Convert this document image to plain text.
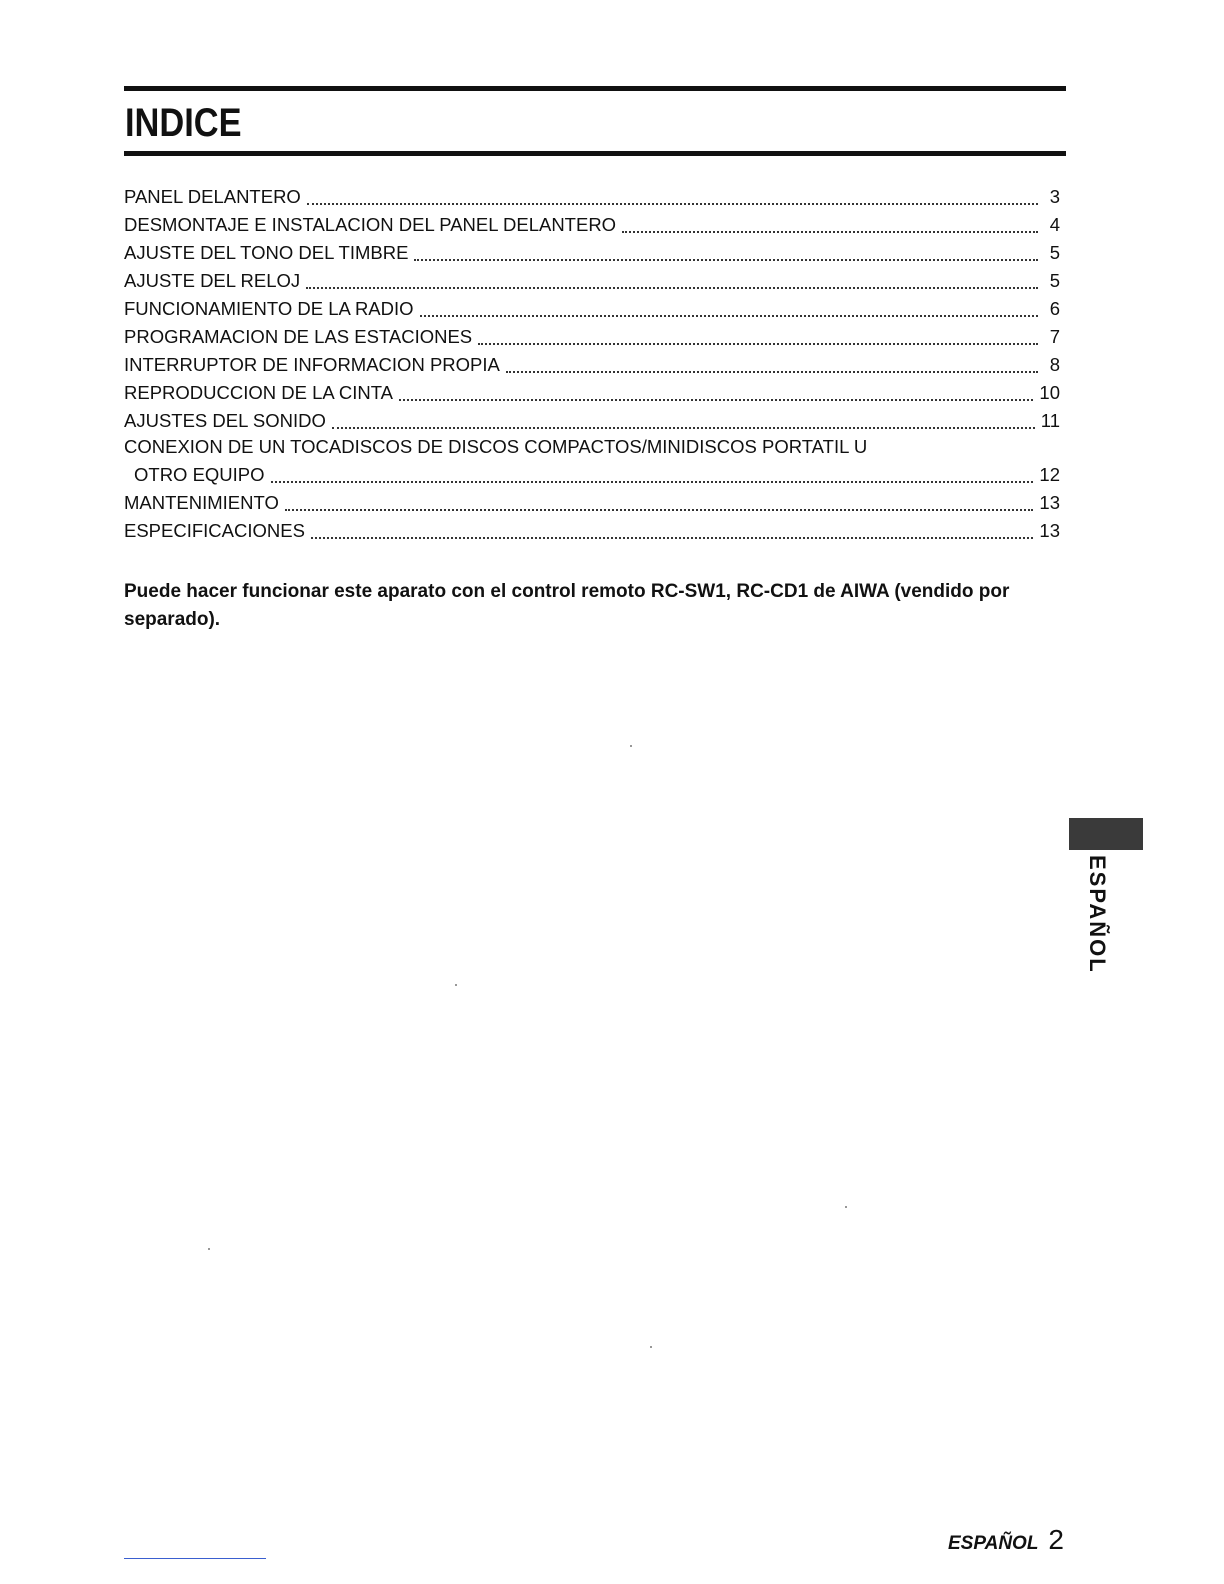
INDICE
PANEL DELANTERO	3
DESMONTAJE E INSTALACION DEL PANEL DELANTERO	4
AJUSTE DEL TONO DEL TIMBRE	5
AJUSTE DEL RELOJ	5
FUNCIONAMIENTO DE LA RADIO	6
PROGRAMACION DE LAS ESTACIONES	7
INTERRUPTOR DE INFORMACION PROPIA	8
REPRODUCCION DE LA CINTA	10
AJUSTES DEL SONIDO	11
CONEXION DE UN TOCADISCOS DE DISCOS COMPACTOS/MINIDISCOS PORTATIL U
OTRO EQUIPO	12
MANTENIMIENTO	13
ESPECIFICACIONES	13
Puede hacer funcionar este aparato con el control remoto RC-SW1, RC-CD1 de AIWA (vendido por separado).
ESPAÑOL
ESPAÑOL 2
